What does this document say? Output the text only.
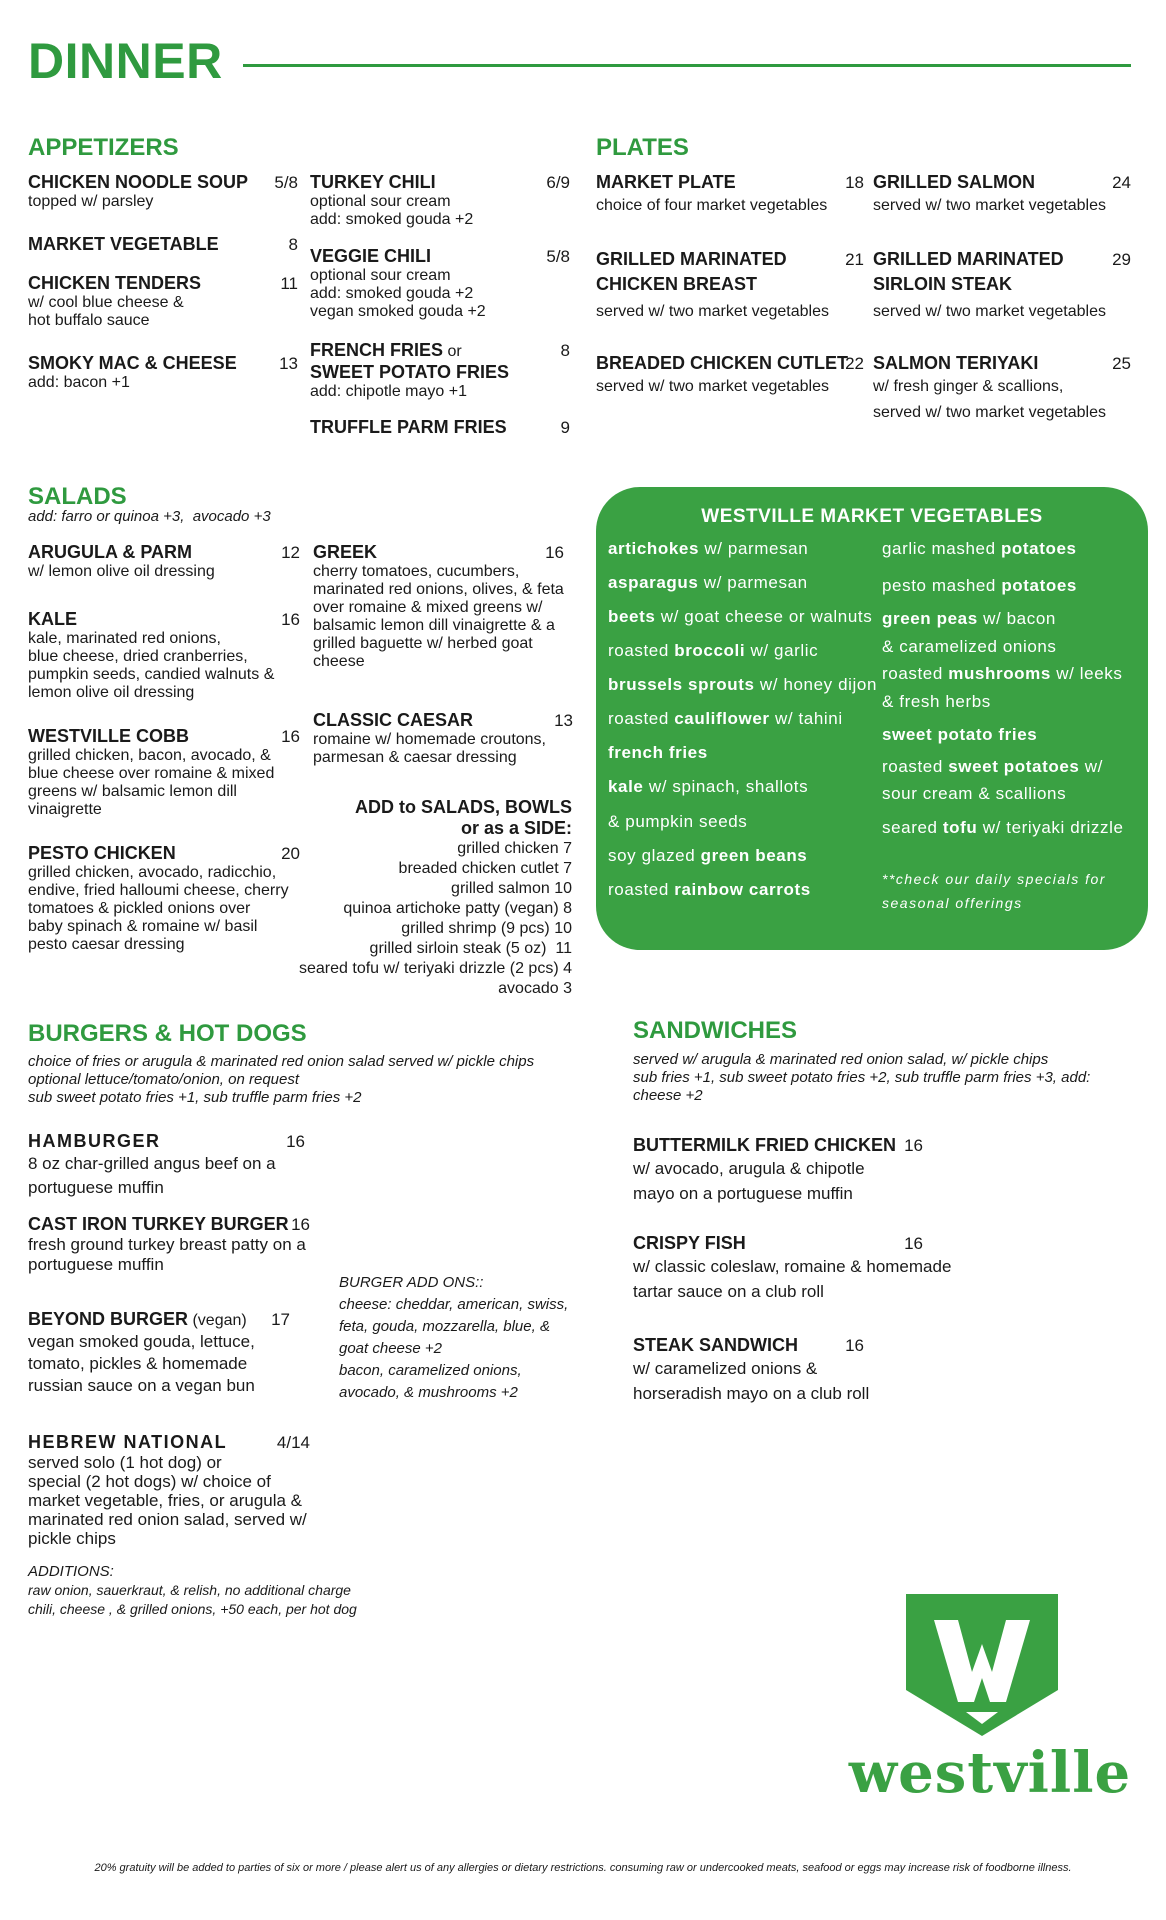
DINNER
APPETIZERS
CHICKEN NOODLE SOUP 5/8
topped w/ parsley
MARKET VEGETABLE	8
CHICKEN TENDERS	11
w/ cool blue cheese &
hot buffalo sauce
SMOKY MAC & CHEESE 13
add: bacon +1
TURKEY CHILI	6/9
optional sour cream
add: smoked gouda +2
VEGGIE CHILI	5/8
optional sour cream
add: smoked gouda +2
vegan smoked gouda +2
FRENCH FRIES or	8
SWEET POTATO FRIES
add: chipotle mayo +1
TRUFFLE PARM FRIES	9
PLATES
MARKET PLATE	18
choice of four market vegetables
GRILLED MARINATED	21
CHICKEN BREAST
served w/ two market vegetables
BREADED CHICKEN CUTLET
22
served w/ two market vegetables
GRILLED SALMON	24
served w/ two market vegetables
GRILLED MARINATED	29
SIRLOIN STEAK
served w/ two market vegetables
SALMON TERIYAKI	25
w/ fresh ginger & scallions,
served w/ two market vegetables
SALADS
add: farro or quinoa +3,  avocado +3
ARUGULA & PARM	12
w/ lemon olive oil dressing
KALE	16
kale, marinated red onions,
blue cheese, dried cranberries,
pumpkin seeds, candied walnuts &
lemon olive oil dressing
WESTVILLE COBB	16
grilled chicken, bacon, avocado, &
blue cheese over romaine & mixed
greens w/ balsamic lemon dill
vinaigrette
PESTO CHICKEN	20
grilled chicken, avocado, radicchio,
endive, fried halloumi cheese, cherry
tomatoes & pickled onions over
baby spinach & romaine w/ basil
pesto caesar dressing
GREEK	16
cherry tomatoes, cucumbers,
marinated red onions, olives, & feta
over romaine & mixed greens w/
balsamic lemon dill vinaigrette & a
grilled baguette w/ herbed goat
cheese
CLASSIC CAESAR	13
romaine w/ homemade croutons,
parmesan & caesar dressing
ADD to SALADS, BOWLS
or as a SIDE:
grilled chicken 7
breaded chicken cutlet 7
grilled salmon 10
quinoa artichoke patty (vegan) 8
grilled shrimp (9 pcs) 10
grilled sirloin steak (5 oz)  11
seared tofu w/ teriyaki drizzle (2 pcs) 4
avocado 3
WESTVILLE MARKET VEGETABLES
artichokes w/ parmesan
asparagus w/ parmesan
beets w/ goat cheese or walnuts
roasted broccoli w/ garlic
brussels sprouts w/ honey dijon
roasted cauliflower w/ tahini
french fries
kale w/ spinach, shallots
& pumpkin seeds
soy glazed green beans
roasted rainbow carrots
garlic mashed potatoes
pesto mashed potatoes
green peas w/ bacon
& caramelized onions
roasted mushrooms w/ leeks
& fresh herbs
sweet potato fries
roasted sweet potatoes w/
sour cream & scallions
seared tofu w/ teriyaki drizzle
**check our daily specials for
seasonal offerings
BURGERS & HOT DOGS
choice of fries or arugula & marinated red onion salad served w/ pickle chips
optional lettuce/tomato/onion, on request
sub sweet potato fries +1, sub truffle parm fries +2
HAMBURGER	16
8 oz char-grilled angus beef on a
portuguese muffin
CAST IRON TURKEY BURGER 16
fresh ground turkey breast patty on a
portuguese muffin
BEYOND BURGER (vegan) 17
vegan smoked gouda, lettuce,
tomato, pickles & homemade
russian sauce on a vegan bun
HEBREW NATIONAL	4/14
served solo (1 hot dog) or
special (2 hot dogs) w/ choice of
market vegetable, fries, or arugula &
marinated red onion salad, served w/
pickle chips
ADDITIONS:
raw onion, sauerkraut, & relish, no additional charge
chili, cheese , & grilled onions, +50 each, per hot dog
BURGER ADD ONS::
cheese: cheddar, american, swiss,
feta, gouda, mozzarella, blue, &
goat cheese +2
bacon, caramelized onions,
avocado, & mushrooms +2
SANDWICHES
served w/ arugula & marinated red onion salad, w/ pickle chips
sub fries +1, sub sweet potato fries +2, sub truffle parm fries +3, add:
cheese +2
BUTTERMILK FRIED CHICKEN 16
w/ avocado, arugula & chipotle
mayo on a portuguese muffin
CRISPY FISH	16
w/ classic coleslaw, romaine & homemade
tartar sauce on a club roll
STEAK SANDWICH	16
w/ caramelized onions &
horseradish mayo on a club roll
westville
20% gratuity will be added to parties of six or more / please alert us of any allergies or dietary restrictions. consuming raw or undercooked meats, seafood or eggs may increase risk of foodborne illness.
